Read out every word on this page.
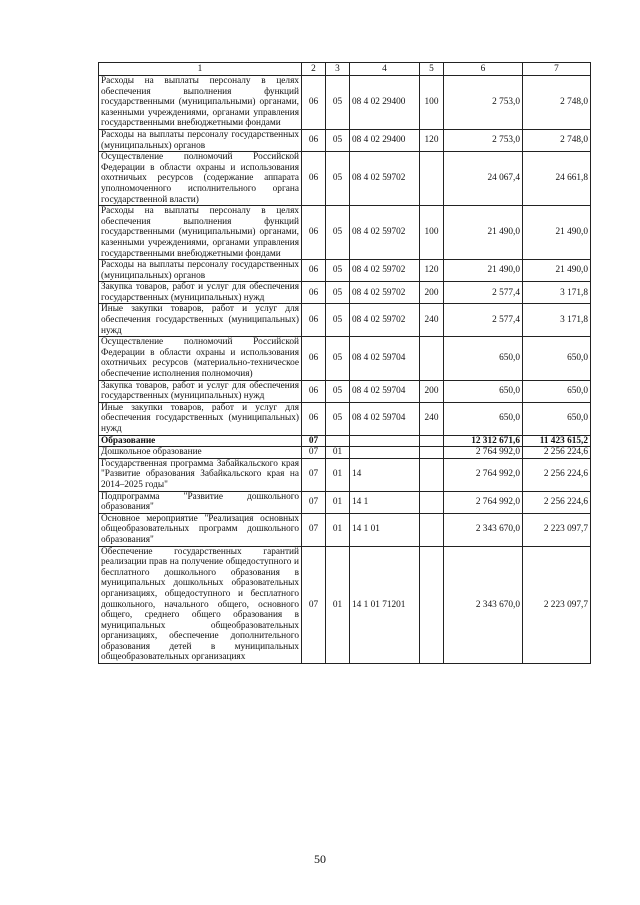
1	2	3	4	5	6	7
Расходы на выплаты персоналу в целях обеспечения выполнения функций государственными (муниципальными) органами, казенными учреждениями, органами управления государственными внебюджетными фондами	06	05	08 4 02 29400	100	2 753,0	2 748,0
Расходы на выплаты персоналу государственных (муниципальных) органов	06	05	08 4 02 29400	120	2 753,0	2 748,0
Осуществление полномочий Российской Федерации в области охраны и использования охотничьих ресурсов (содержание аппарата уполномоченного исполнительного органа государственной власти)	06	05	08 4 02 59702		24 067,4	24 661,8
Расходы на выплаты персоналу в целях обеспечения выполнения функций государственными (муниципальными) органами, казенными учреждениями, органами управления государственными внебюджетными фондами	06	05	08 4 02 59702	100	21 490,0	21 490,0
Расходы на выплаты персоналу государственных (муниципальных) органов	06	05	08 4 02 59702	120	21 490,0	21 490,0
Закупка товаров, работ и услуг для обеспечения государственных (муниципальных) нужд	06	05	08 4 02 59702	200	2 577,4	3 171,8
Иные закупки товаров, работ и услуг для обеспечения государственных (муниципальных) нужд	06	05	08 4 02 59702	240	2 577,4	3 171,8
Осуществление полномочий Российской Федерации в области охраны и использования охотничьих ресурсов (материально-техническое обеспечение исполнения полномочия)	06	05	08 4 02 59704		650,0	650,0
Закупка товаров, работ и услуг для обеспечения государственных (муниципальных) нужд	06	05	08 4 02 59704	200	650,0	650,0
Иные закупки товаров, работ и услуг для обеспечения государственных (муниципальных) нужд	06	05	08 4 02 59704	240	650,0	650,0
Образование	07				12 312 671,6	11 423 615,2
Дошкольное образование	07	01			2 764 992,0	2 256 224,6
Государственная программа Забайкальского края "Развитие образования Забайкальского края на 2014–2025 годы"	07	01	14		2 764 992,0	2 256 224,6
Подпрограмма "Развитие дошкольного образования"	07	01	14 1		2 764 992,0	2 256 224,6
Основное мероприятие "Реализация основных общеобразовательных программ дошкольного образования"	07	01	14 1 01		2 343 670,0	2 223 097,7
Обеспечение государственных гарантий реализации прав на получение общедоступного и бесплатного дошкольного образования в муниципальных дошкольных образовательных организациях, общедоступного и бесплатного дошкольного, начального общего, основного общего, среднего общего образования в муниципальных общеобразовательных организациях, обеспечение дополнительного образования детей в муниципальных общеобразовательных организациях	07	01	14 1 01 71201		2 343 670,0	2 223 097,7
50
